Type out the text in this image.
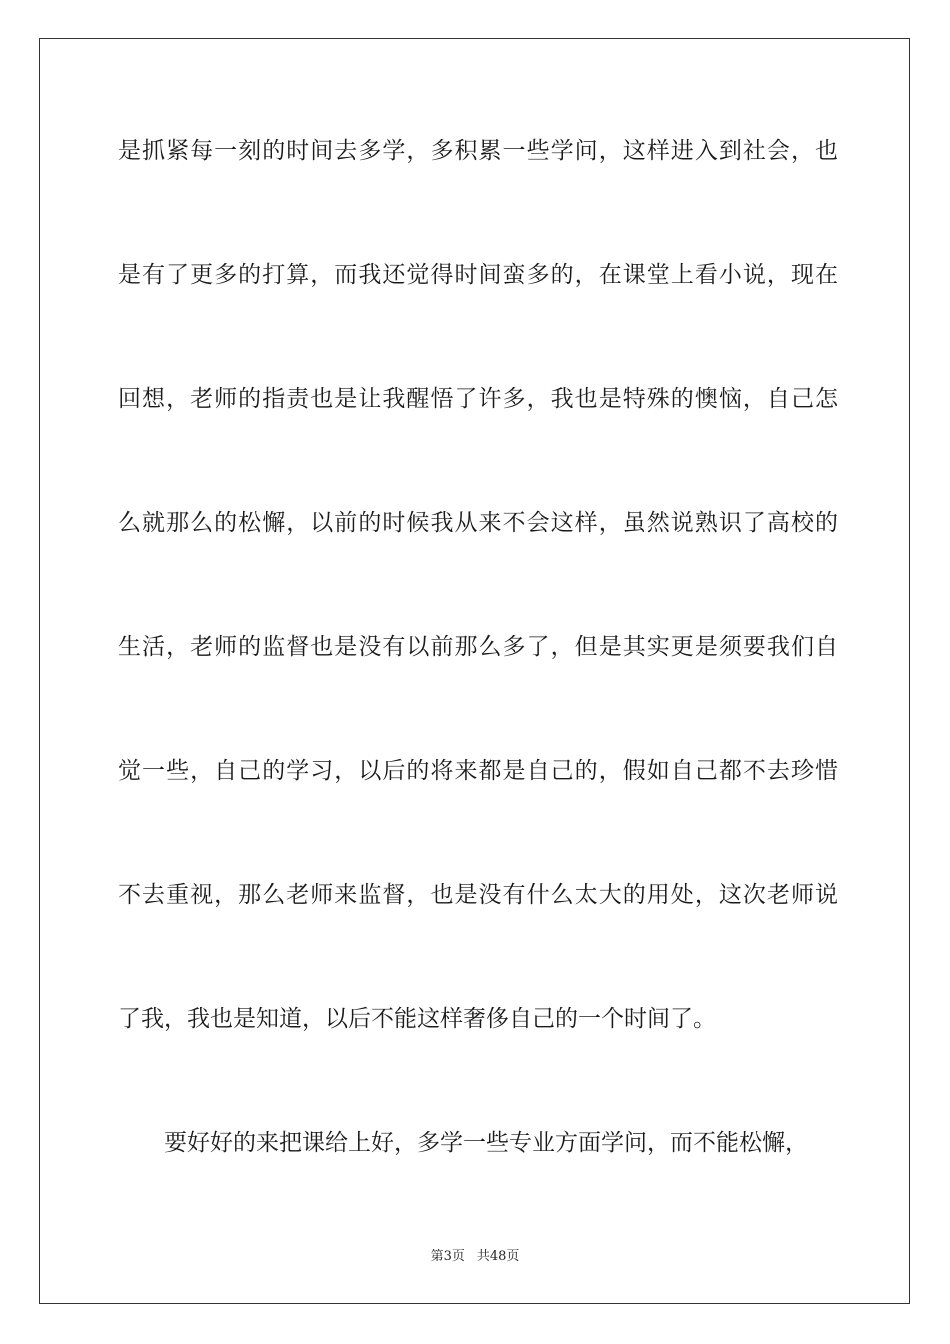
是抓紧每一刻的时间去多学，多积累一些学问，这样进入到社会，也
是有了更多的打算，而我还觉得时间蛮多的，在课堂上看小说，现在
回想，老师的指责也是让我醒悟了许多，我也是特殊的懊恼，自己怎
么就那么的松懈，以前的时候我从来不会这样，虽然说熟识了高校的
生活，老师的监督也是没有以前那么多了，但是其实更是须要我们自
觉一些，自己的学习，以后的将来都是自己的，假如自己都不去珍惜
不去重视，那么老师来监督，也是没有什么太大的用处，这次老师说
了我，我也是知道，以后不能这样奢侈自己的一个时间了。
要好好的来把课给上好，多学一些专业方面学问，而不能松懈，
第3页 共48页
